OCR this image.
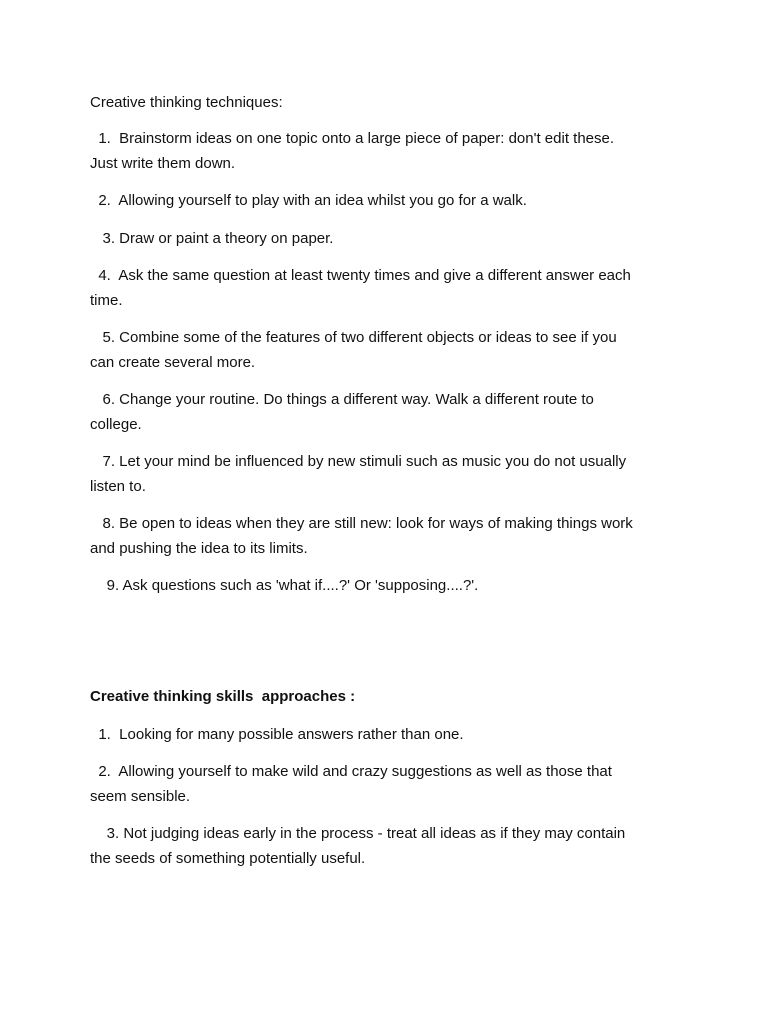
Creative thinking techniques:
1.  Brainstorm ideas on one topic onto a large piece of paper: don't edit these.
Just write them down.
2.  Allowing yourself to play with an idea whilst you go for a walk.
3. Draw or paint a theory on paper.
4.  Ask the same question at least twenty times and give a different answer each
time.
5. Combine some of the features of two different objects or ideas to see if you
can create several more.
6. Change your routine. Do things a different way. Walk a different route to
college.
7. Let your mind be influenced by new stimuli such as music you do not usually
listen to.
8. Be open to ideas when they are still new: look for ways of making things work
and pushing the idea to its limits.
9. Ask questions such as 'what if....?' Or 'supposing....?'.
Creative thinking skills  approaches :
1.  Looking for many possible answers rather than one.
2.  Allowing yourself to make wild and crazy suggestions as well as those that
seem sensible.
3. Not judging ideas early in the process - treat all ideas as if they may contain
the seeds of something potentially useful.
